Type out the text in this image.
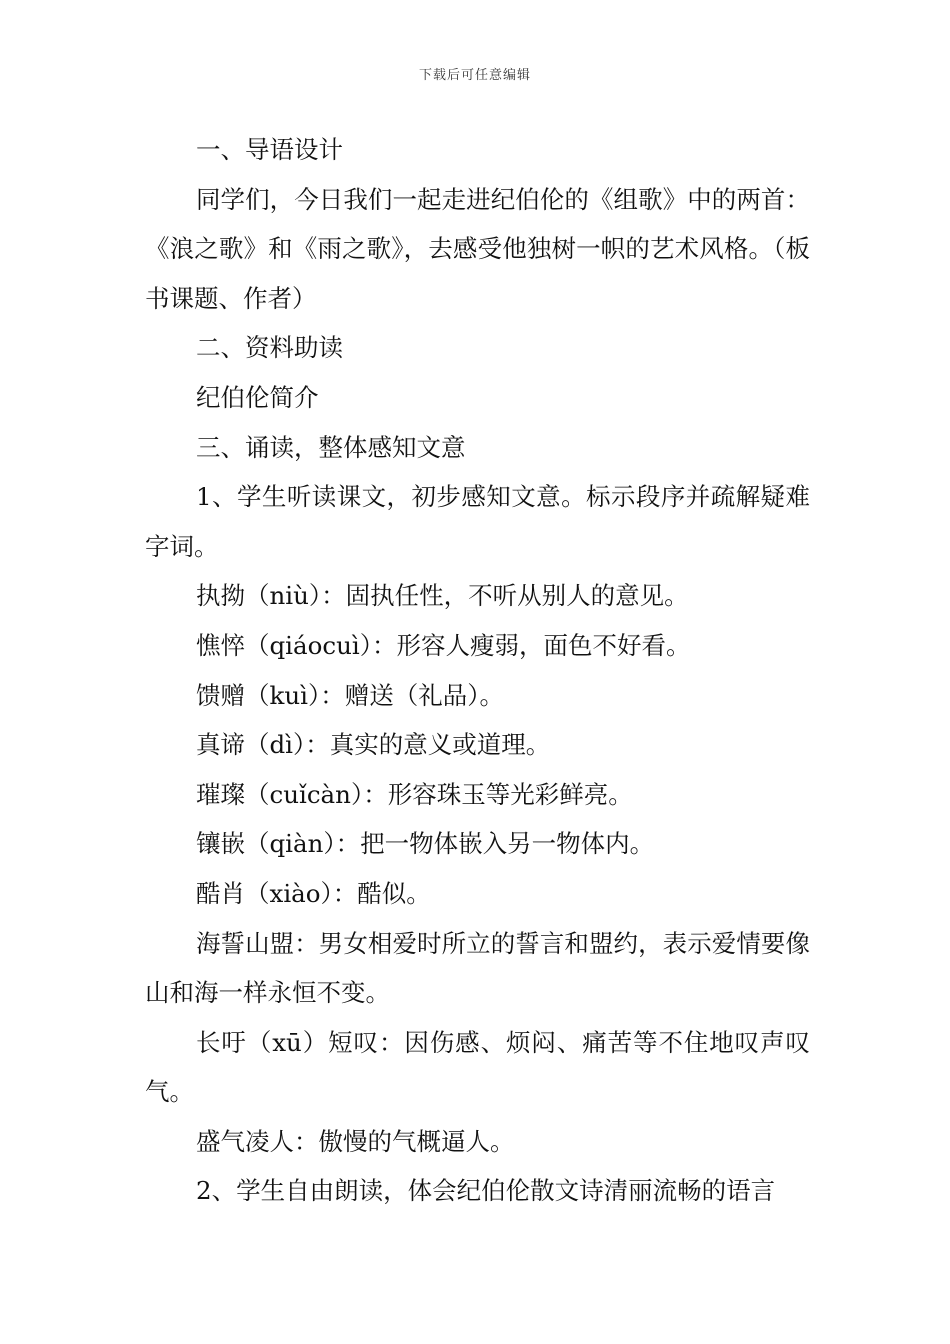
下载后可任意编辑

一、导语设计

同学们，今日我们一起走进纪伯伦的《组歌》中的两首：《浪之歌》和《雨之歌》，去感受他独树一帜的艺术风格。（板书课题、作者）

二、资料助读

纪伯伦简介

三、诵读，整体感知文意

1、学生听读课文，初步感知文意。标示段序并疏解疑难字词。

执拗（niù）：固执任性，不听从别人的意见。

憔悴（qiáocuì）：形容人瘦弱，面色不好看。

馈赠（kuì）：赠送（礼品）。

真谛（dì）：真实的意义或道理。

璀璨（cuǐcàn）：形容珠玉等光彩鲜亮。

镶嵌（qiàn）：把一物体嵌入另一物体内。

酷肖（xiào）：酷似。

海誓山盟：男女相爱时所立的誓言和盟约，表示爱情要像山和海一样永恒不变。

长吁（xū）短叹：因伤感、烦闷、痛苦等不住地叹声叹气。

盛气凌人：傲慢的气概逼人。

2、学生自由朗读，体会纪伯伦散文诗清丽流畅的语言
